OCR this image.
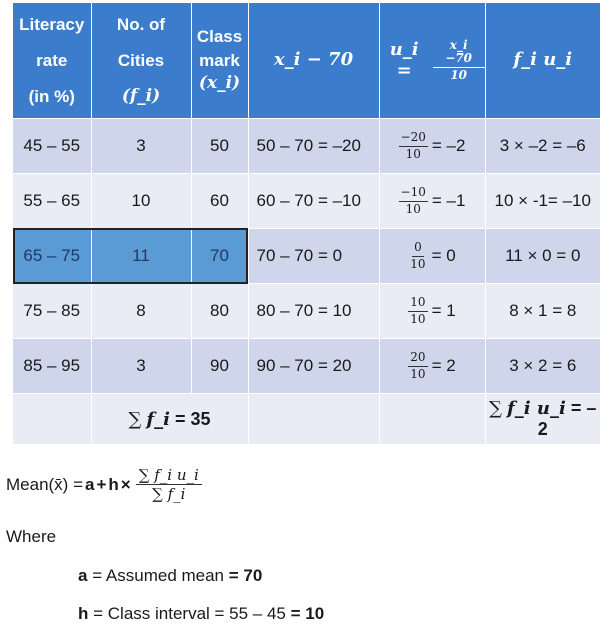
Literacy
rate
(in %)	No. of
Cities
(f_i)	Class
mark
(x_i)	x_i − 70	u_i = $\frac{x\_i -70}{10}$	f_i u_i
45 – 55	3	50	50 – 70 = –20	$\frac{-20}{10} = -2$	3 × –2 = –6
55 – 65	10	60	60 – 70 = –10	$\frac{-10}{10} = -1$	10 × -1= –10
65 – 75	11	70	70 – 70 = 0	$\frac{0}{10} = 0$	11 × 0 = 0
75 – 85	8	80	80 – 70 = 10	$\frac{10}{10} = 1$	8 × 1 = 8
85 – 95	3	90	90 – 70 = 20	$\frac{20}{10} = 2$	3 × 2 = 6
	∑ f_i = 35				∑ f_i u_i = –2
Mean(x̄) = $a + h \times \frac{\text{∑ f\_i u\_i}}{\sum f\_i}$
Where
a = Assumed mean = 70
h = Class interval = 55 – 45 = 10
